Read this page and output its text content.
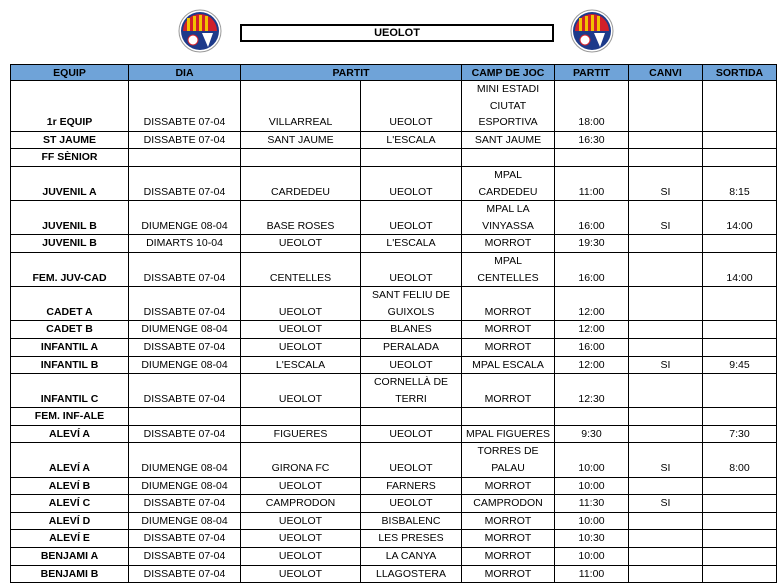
UEOLOT
EQUIP	DIA	PARTIT		CAMP DE JOC	PARTIT	CANVI	SORTIDA
1r EQUIP	DISSABTE 07-04	VILLARREAL	UEOLOT	MINI ESTADI CIUTAT ESPORTIVA	18:00		
ST JAUME	DISSABTE 07-04	SANT JAUME	L'ESCALA	SANT JAUME	16:30		
FF SÈNIOR							
JUVENIL A	DISSABTE 07-04	CARDEDEU	UEOLOT	MPAL CARDEDEU	11:00	SI	8:15
JUVENIL B	DIUMENGE 08-04	BASE ROSES	UEOLOT	MPAL LA VINYASSA	16:00	SI	14:00
JUVENIL B	DIMARTS 10-04	UEOLOT	L'ESCALA	MORROT	19:30		
FEM. JUV-CAD	DISSABTE 07-04	CENTELLES	UEOLOT	MPAL CENTELLES	16:00		14:00
CADET A	DISSABTE 07-04	UEOLOT	SANT FELIU DE GUIXOLS	MORROT	12:00		
CADET B	DIUMENGE 08-04	UEOLOT	BLANES	MORROT	12:00		
INFANTIL A	DISSABTE 07-04	UEOLOT	PERALADA	MORROT	16:00		
INFANTIL B	DIUMENGE 08-04	L'ESCALA	UEOLOT	MPAL ESCALA	12:00	SI	9:45
INFANTIL C	DISSABTE 07-04	UEOLOT	CORNELLÀ DE TERRI	MORROT	12:30		
FEM. INF-ALE							
ALEVÍ A	DISSABTE 07-04	FIGUERES	UEOLOT	MPAL FIGUERES	9:30		7:30
ALEVÍ A	DIUMENGE 08-04	GIRONA FC	UEOLOT	TORRES DE PALAU	10:00	SI	8:00
ALEVÍ B	DIUMENGE 08-04	UEOLOT	FARNERS	MORROT	10:00		
ALEVÍ C	DISSABTE 07-04	CAMPRODON	UEOLOT	CAMPRODON	11:30	SI	
ALEVÍ D	DIUMENGE 08-04	UEOLOT	BISBALENC	MORROT	10:00		
ALEVÍ E	DISSABTE 07-04	UEOLOT	LES PRESES	MORROT	10:30		
BENJAMI A	DISSABTE 07-04	UEOLOT	LA CANYA	MORROT	10:00		
BENJAMI B	DISSABTE 07-04	UEOLOT	LLAGOSTERA	MORROT	11:00		
